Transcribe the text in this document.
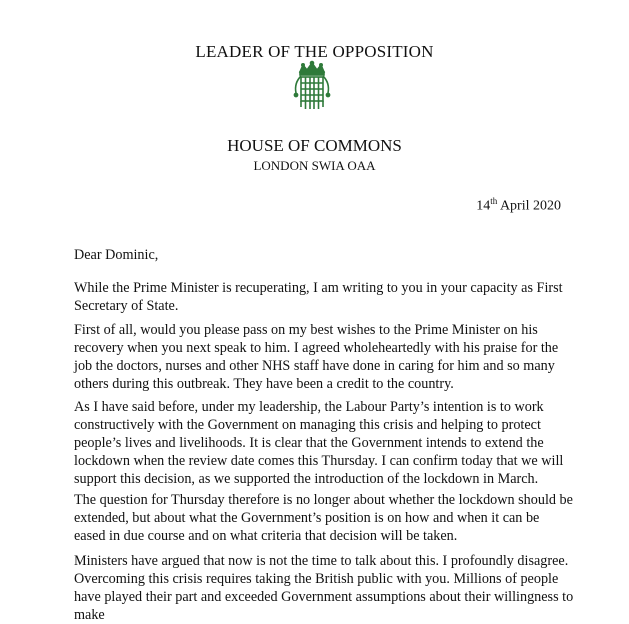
LEADER OF THE OPPOSITION
HOUSE OF COMMONS
LONDON SWIA OAA
14th April 2020

Dear Dominic,

While the Prime Minister is recuperating, I am writing to you in your capacity as First Secretary of State.

First of all, would you please pass on my best wishes to the Prime Minister on his recovery when you next speak to him. I agreed wholeheartedly with his praise for the job the doctors, nurses and other NHS staff have done in caring for him and so many others during this outbreak. They have been a credit to the country.

As I have said before, under my leadership, the Labour Party’s intention is to work constructively with the Government on managing this crisis and helping to protect people’s lives and livelihoods. It is clear that the Government intends to extend the lockdown when the review date comes this Thursday. I can confirm today that we will support this decision, as we supported the introduction of the lockdown in March.

The question for Thursday therefore is no longer about whether the lockdown should be extended, but about what the Government’s position is on how and when it can be eased in due course and on what criteria that decision will be taken.

Ministers have argued that now is not the time to talk about this. I profoundly disagree. Overcoming this crisis requires taking the British public with you. Millions of people have played their part and exceeded Government assumptions about their willingness to make
